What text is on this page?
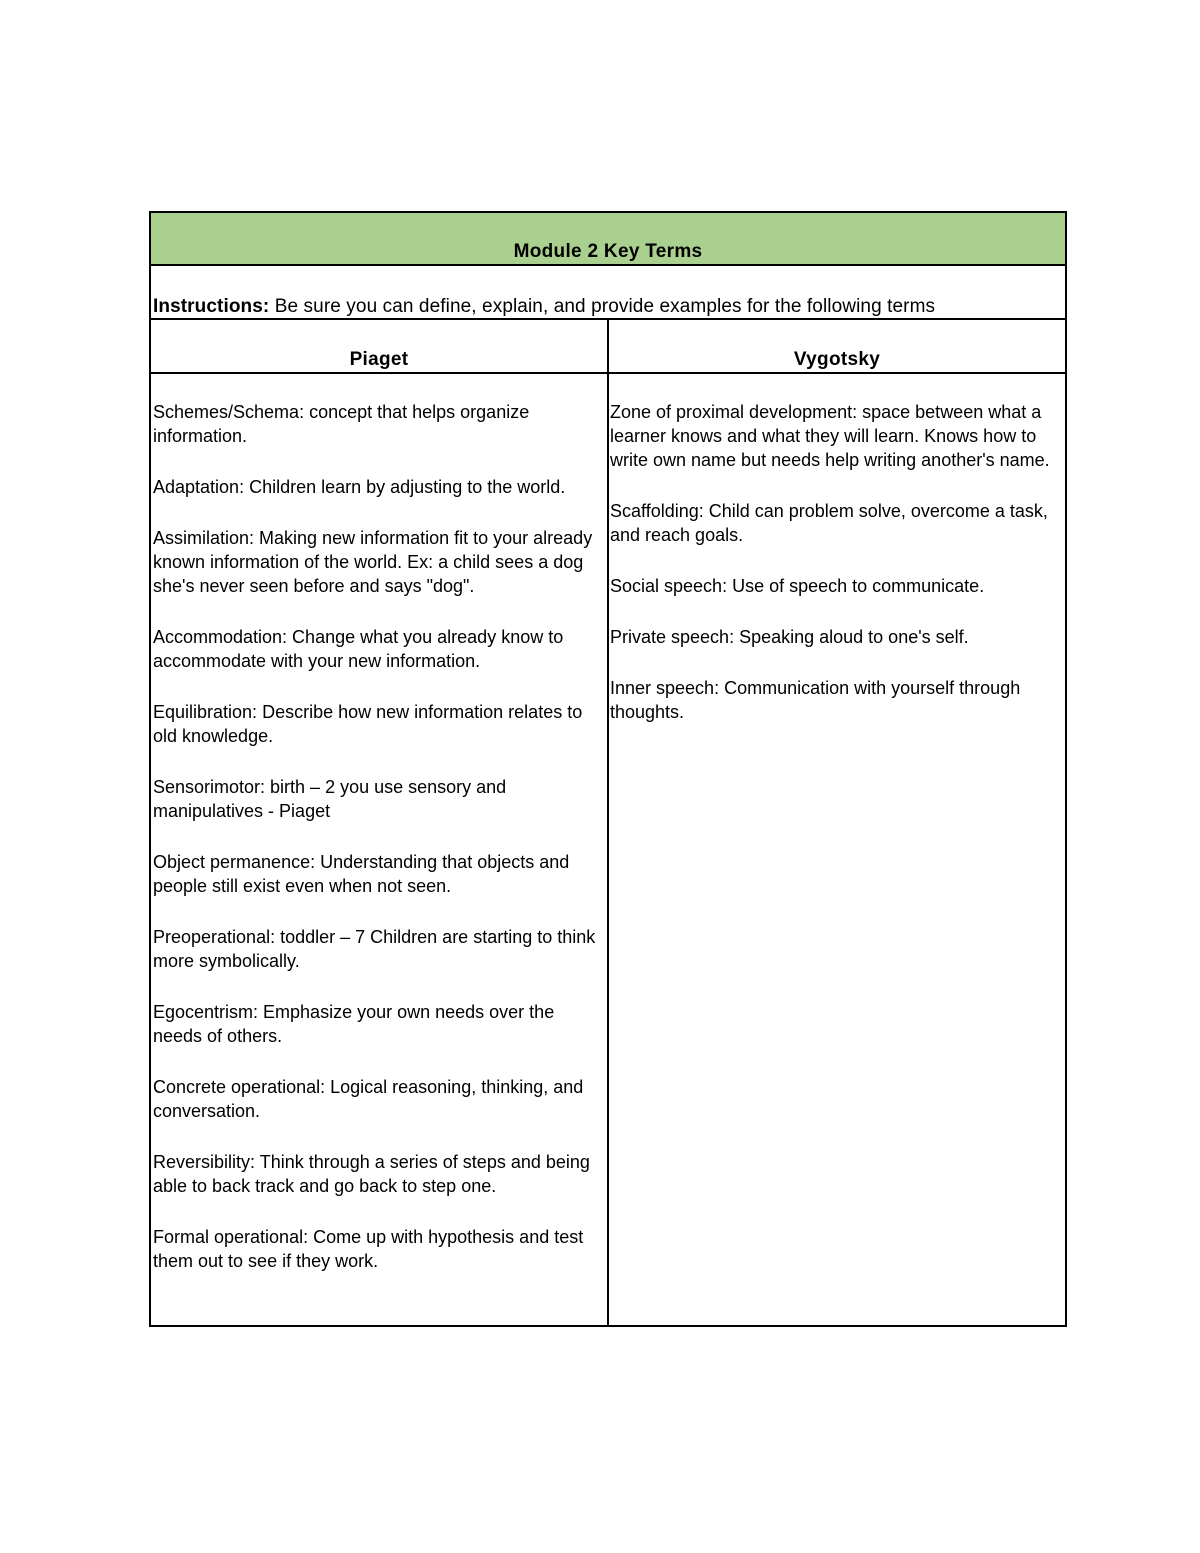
Module 2 Key Terms
Instructions: Be sure you can define, explain, and provide examples for the following terms
Piaget	Vygotsky

Schemes/Schema: concept that helps organize information.

Adaptation: Children learn by adjusting to the world.

Assimilation: Making new information fit to your already known information of the world. Ex: a child sees a dog she's never seen before and says "dog".

Accommodation: Change what you already know to accommodate with your new information.

Equilibration: Describe how new information relates to old knowledge.

Sensorimotor: birth – 2 you use sensory and manipulatives - Piaget

Object permanence: Understanding that objects and people still exist even when not seen.

Preoperational: toddler – 7 Children are starting to think more symbolically.

Egocentrism: Emphasize your own needs over the needs of others.

Concrete operational: Logical reasoning, thinking, and conversation.

Reversibility: Think through a series of steps and being able to back track and go back to step one.

Formal operational: Come up with hypothesis and test them out to see if they work.

Zone of proximal development: space between what a learner knows and what they will learn. Knows how to write own name but needs help writing another's name.

Scaffolding: Child can problem solve, overcome a task, and reach goals.

Social speech: Use of speech to communicate.

Private speech: Speaking aloud to one's self.

Inner speech: Communication with yourself through thoughts.
